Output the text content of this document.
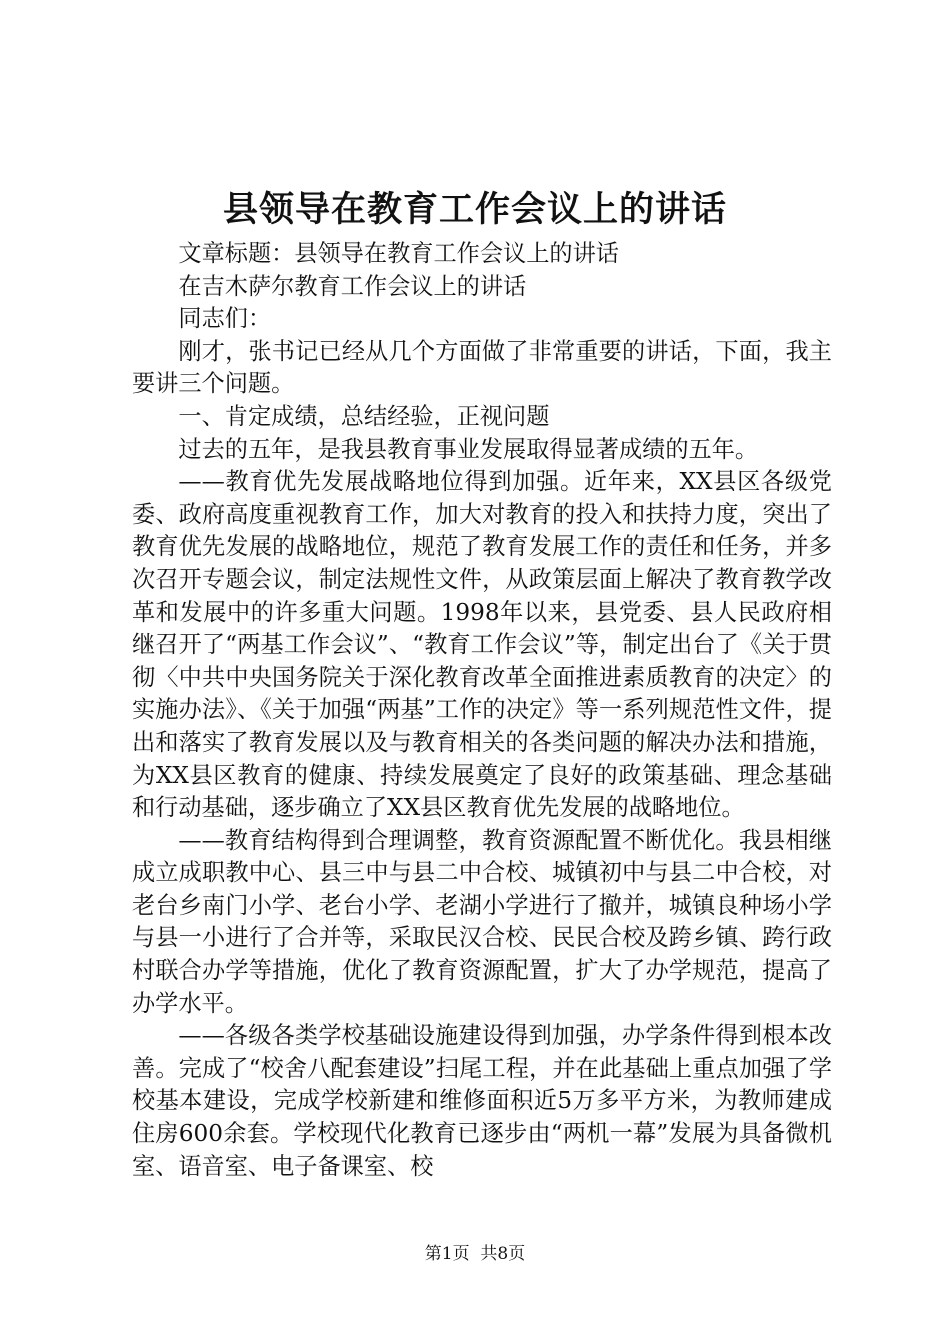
县领导在教育工作会议上的讲话

文章标题：县领导在教育工作会议上的讲话

在吉木萨尔教育工作会议上的讲话

同志们：

刚才，张书记已经从几个方面做了非常重要的讲话，下面，我主要讲三个问题。

一、肯定成绩，总结经验，正视问题

过去的五年，是我县教育事业发展取得显著成绩的五年。

——教育优先发展战略地位得到加强。近年来，XX县区各级党委、政府高度重视教育工作，加大对教育的投入和扶持力度，突出了教育优先发展的战略地位，规范了教育发展工作的责任和任务，并多次召开专题会议，制定法规性文件，从政策层面上解决了教育教学改革和发展中的许多重大问题。1998年以来，县党委、县人民政府相继召开了“两基工作会议”、“教育工作会议”等，制定出台了《关于贯彻〈中共中央国务院关于深化教育改革全面推进素质教育的决定〉的实施办法》、《关于加强“两基”工作的决定》等一系列规范性文件，提出和落实了教育发展以及与教育相关的各类问题的解决办法和措施，为XX县区教育的健康、持续发展奠定了良好的政策基础、理念基础和行动基础，逐步确立了XX县区教育优先发展的战略地位。

——教育结构得到合理调整，教育资源配置不断优化。我县相继成立成职教中心、县三中与县二中合校、城镇初中与县二中合校，对老台乡南门小学、老台小学、老湖小学进行了撤并，城镇良种场小学与县一小进行了合并等，采取民汉合校、民民合校及跨乡镇、跨行政村联合办学等措施，优化了教育资源配置，扩大了办学规范，提高了办学水平。

——各级各类学校基础设施建设得到加强，办学条件得到根本改善。完成了“校舍八配套建设”扫尾工程，并在此基础上重点加强了学校基本建设，完成学校新建和维修面积近5万多平方米，为教师建成住房600余套。学校现代化教育已逐步由“两机一幕”发展为具备微机室、语音室、电子备课室、校

第1页  共8页
